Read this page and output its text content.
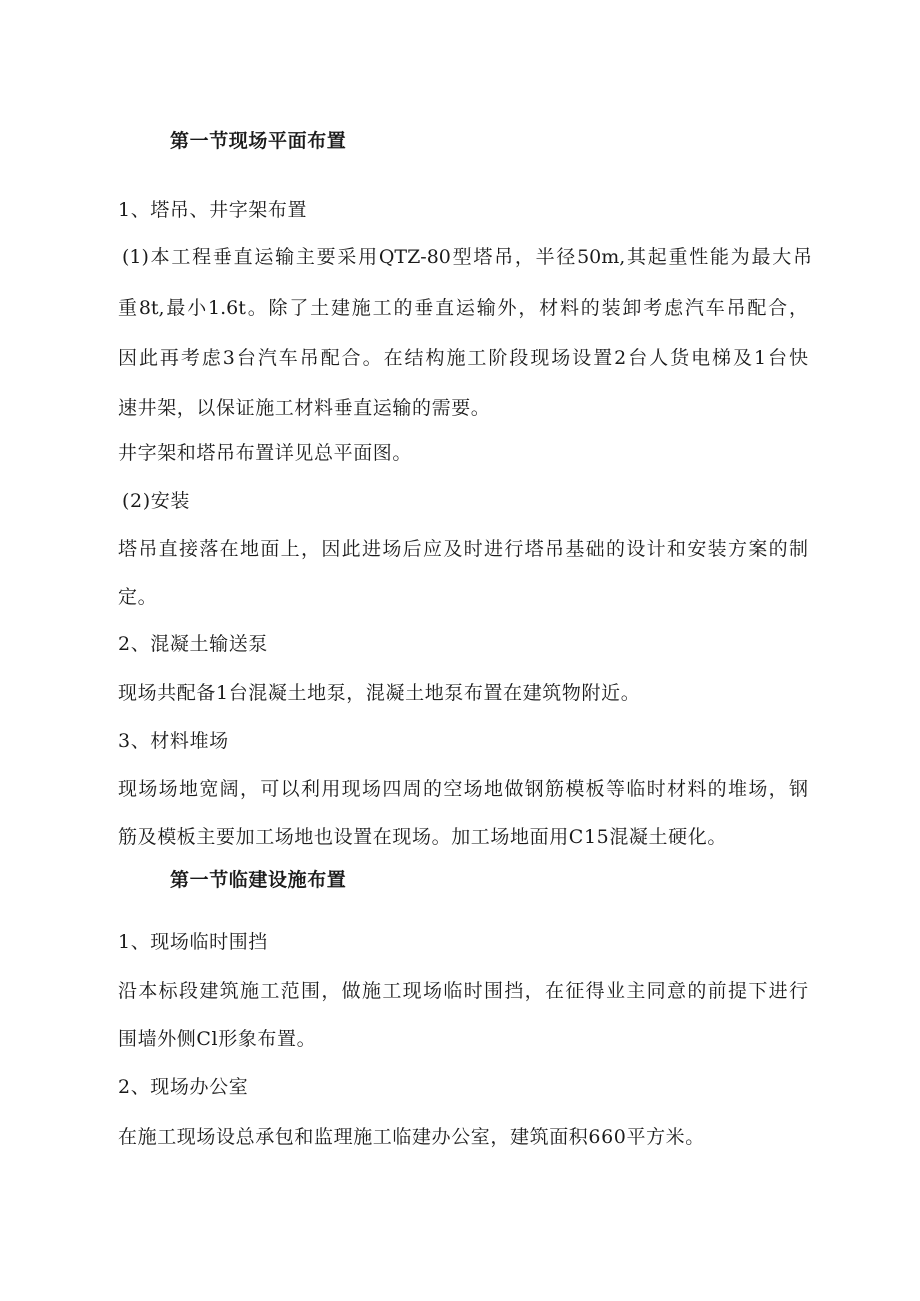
第一节现场平面布置
1、塔吊、井字架布置
(1)本工程垂直运输主要采用QTZ-80型塔吊，半径50m,其起重性能为最大吊
重8t,最小1.6t。除了土建施工的垂直运输外，材料的装卸考虑汽车吊配合，
因此再考虑3台汽车吊配合。在结构施工阶段现场设置2台人货电梯及1台快
速井架，以保证施工材料垂直运输的需要。
井字架和塔吊布置详见总平面图。
(2)安装
塔吊直接落在地面上，因此进场后应及时进行塔吊基础的设计和安装方案的制
定。
2、混凝土输送泵
现场共配备1台混凝土地泵，混凝土地泵布置在建筑物附近。
3、材料堆场
现场场地宽阔，可以利用现场四周的空场地做钢筋模板等临时材料的堆场，钢
筋及模板主要加工场地也设置在现场。加工场地面用C15混凝土硬化。
第一节临建设施布置
1、现场临时围挡
沿本标段建筑施工范围，做施工现场临时围挡，在征得业主同意的前提下进行
围墙外侧Cl形象布置。
2、现场办公室
在施工现场设总承包和监理施工临建办公室，建筑面积660平方米。
